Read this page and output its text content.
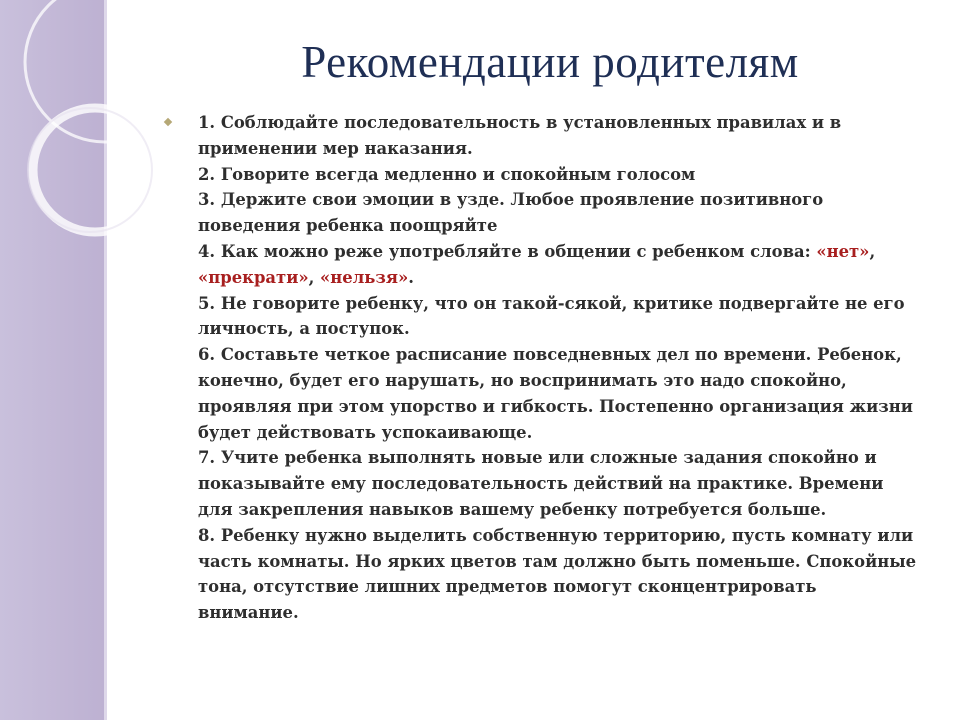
Рекомендации родителям
1. Соблюдайте последовательность в установленных правилах и в применении мер наказания.
2. Говорите всегда медленно и спокойным голосом
3. Держите свои эмоции в узде. Любое проявление позитивного поведения ребенка поощряйте
4. Как можно реже употребляйте в общении с ребенком слова: «нет», «прекрати», «нельзя».
5. Не говорите ребенку, что он такой-сякой, критике подвергайте не его личность, а поступок.
6. Составьте четкое расписание повседневных дел по времени. Ребенок, конечно, будет его нарушать, но воспринимать это надо спокойно, проявляя при этом упорство и гибкость. Постепенно организация жизни будет действовать успокаивающе.
7. Учите ребенка выполнять новые или сложные задания спокойно и показывайте ему последовательность действий на практике. Времени для закрепления навыков вашему ребенку потребуется больше.
8. Ребенку нужно выделить собственную территорию, пусть комнату или часть комнаты. Но ярких цветов там должно быть поменьше. Спокойные тона, отсутствие лишних предметов помогут сконцентрировать внимание.
